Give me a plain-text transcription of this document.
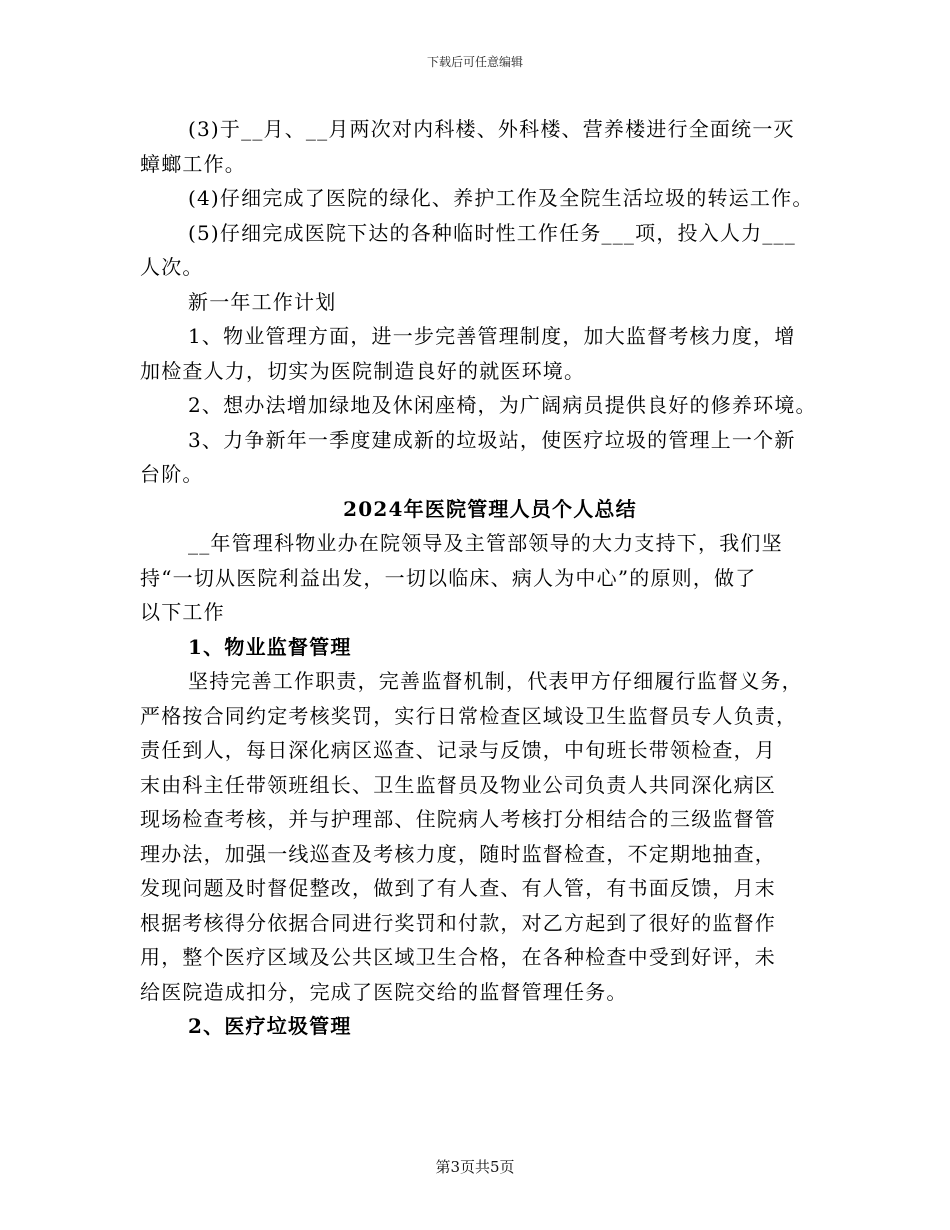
下载后可任意编辑
(3)于__月、__月两次对内科楼、外科楼、营养楼进行全面统一灭
蟑螂工作。
(4)仔细完成了医院的绿化、养护工作及全院生活垃圾的转运工作。
(5)仔细完成医院下达的各种临时性工作任务___项，投入人力___
人次。
新一年工作计划
1、物业管理方面，进一步完善管理制度，加大监督考核力度，增
加检查人力，切实为医院制造良好的就医环境。
2、想办法增加绿地及休闲座椅，为广阔病员提供良好的修养环境。
3、力争新年一季度建成新的垃圾站，使医疗垃圾的管理上一个新
台阶。
2024年医院管理人员个人总结
__年管理科物业办在院领导及主管部领导的大力支持下，我们坚
持“一切从医院利益出发，一切以临床、病人为中心”的原则，做了
以下工作
1、物业监督管理
坚持完善工作职责，完善监督机制，代表甲方仔细履行监督义务，
严格按合同约定考核奖罚，实行日常检查区域设卫生监督员专人负责，
责任到人，每日深化病区巡查、记录与反馈，中旬班长带领检查，月
末由科主任带领班组长、卫生监督员及物业公司负责人共同深化病区
现场检查考核，并与护理部、住院病人考核打分相结合的三级监督管
理办法，加强一线巡查及考核力度，随时监督检查，不定期地抽查，
发现问题及时督促整改，做到了有人查、有人管，有书面反馈，月末
根据考核得分依据合同进行奖罚和付款，对乙方起到了很好的监督作
用，整个医疗区域及公共区域卫生合格，在各种检查中受到好评，未
给医院造成扣分，完成了医院交给的监督管理任务。
2、医疗垃圾管理
第3页共5页
